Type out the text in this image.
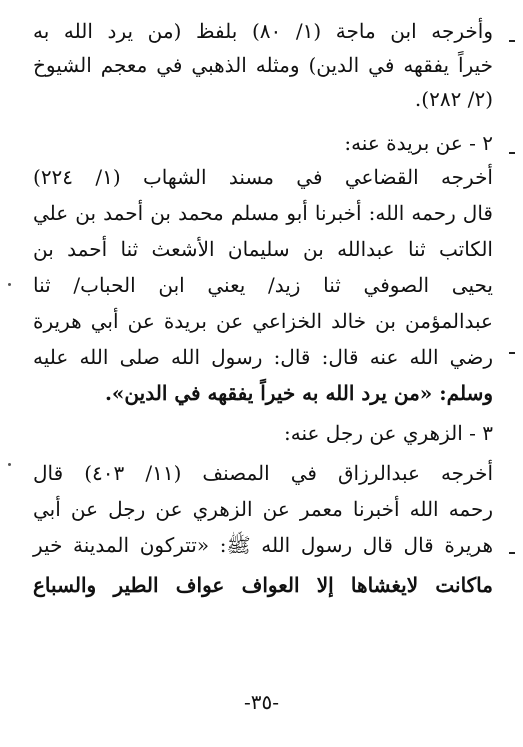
وأخرجه ابن ماجة (١/ ٨٠) بلفظ (من يرد الله به
خيراً يفقهه في الدين) ومثله الذهبي في معجم الشيوخ
(٢/ ٢٨٢).
٢ - عن بريدة عنه:
أخرجه القضاعي في مسند الشهاب (١/ ٢٢٤)
قال رحمه الله: أخبرنا أبو مسلم محمد بن أحمد بن علي
الكاتب ثنا عبدالله بن سليمان الأشعث ثنا أحمد بن
يحيى الصوفي ثنا زيد/ يعني ابن الحباب/ ثنا
عبدالمؤمن بن خالد الخزاعي عن بريدة عن أبي هريرة
رضي الله عنه قال: قال: رسول الله صلى الله عليه
وسلم: «من يرد الله به خيراً يفقهه في الدين».
٣ - الزهري عن رجل عنه:
أخرجه عبدالرزاق في المصنف (١١/ ٤٠٣) قال
رحمه الله أخبرنا معمر عن الزهري عن رجل عن أبي
هريرة قال قال رسول الله ﷺ: «تتركون المدينة خير
ماكانت لايغشاها إلا العواف عواف الطير والسباع
-٣٥-
